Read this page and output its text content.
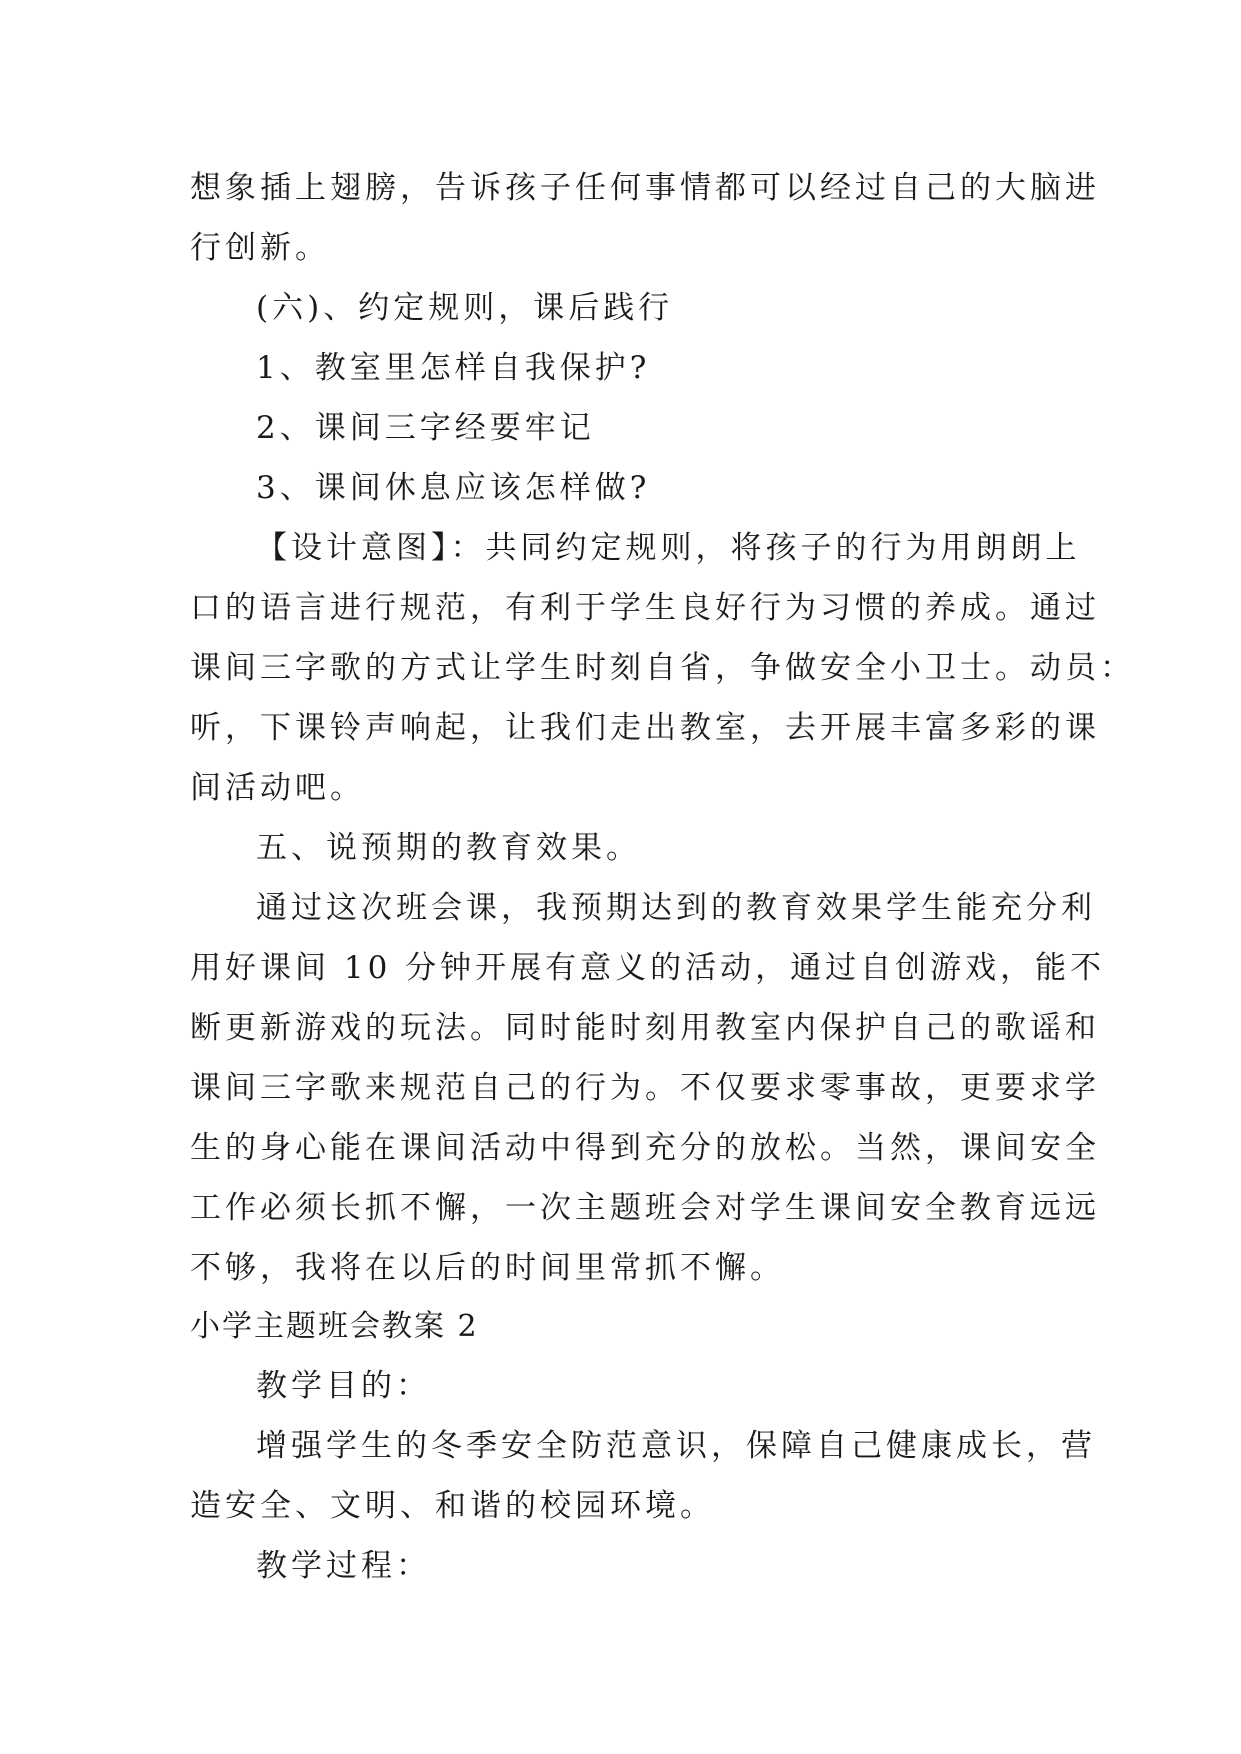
想象插上翅膀，告诉孩子任何事情都可以经过自己的大脑进

行创新。

(六)、约定规则，课后践行

1、教室里怎样自我保护?

2、课间三字经要牢记

3、课间休息应该怎样做?

【设计意图】：共同约定规则，将孩子的行为用朗朗上

口的语言进行规范，有利于学生良好行为习惯的养成。通过

课间三字歌的方式让学生时刻自省，争做安全小卫士。动员：

听，下课铃声响起，让我们走出教室，去开展丰富多彩的课

间活动吧。

五、说预期的教育效果。

通过这次班会课，我预期达到的教育效果学生能充分利

用好课间 10 分钟开展有意义的活动，通过自创游戏，能不

断更新游戏的玩法。同时能时刻用教室内保护自己的歌谣和

课间三字歌来规范自己的行为。不仅要求零事故，更要求学

生的身心能在课间活动中得到充分的放松。当然，课间安全

工作必须长抓不懈，一次主题班会对学生课间安全教育远远

不够，我将在以后的时间里常抓不懈。

小学主题班会教案 2

教学目的：

增强学生的冬季安全防范意识，保障自己健康成长，营

造安全、文明、和谐的校园环境。

教学过程：
